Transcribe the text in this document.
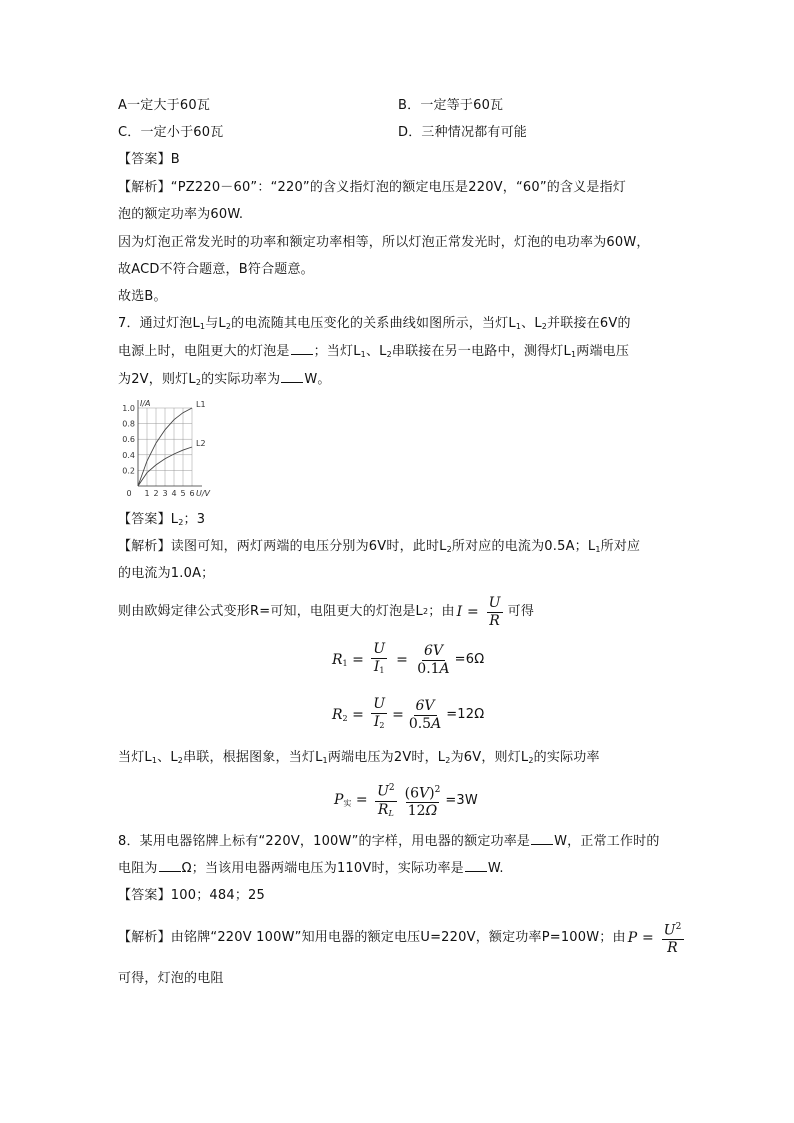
A一定大于60瓦	B．一定等于60瓦
C．一定小于60瓦	D．三种情况都有可能
【答案】B
【解析】“PZ220－60”：“220”的含义指灯泡的额定电压是220V，“60”的含义是指灯
泡的额定功率为60W.
因为灯泡正常发光时的功率和额定功率相等，所以灯泡正常发光时，灯泡的电功率为60W，
故ACD不符合题意，B符合题意。
故选B。
7．通过灯泡$L_1$与$L_2$的电流随其电压变化的关系曲线如图所示，当灯$L_1$、$L_2$并联接在6V的
电源上时，电阻更大的灯泡是 ；当灯$L_1$、$L_2$串联接在另一电路中，测得灯$L_1$两端电压
为2V，则灯$L_2$的实际功率为 W。
0 1 2 3 4 5 6
0.2
0.4
0.6
0.8
1.0
U/V
I/A	L1
L2
【答案】$L_2$；3
【解析】读图可知，两灯两端的电压分别为6V时，此时$L_2$所对应的电流为0.5A；$L_1$所对应
的电流为1.0A；
则由欧姆定律公式变形R=可知，电阻更大的灯泡是L 2 ；由 $I = \frac{U}{R}$ 可得
$R_1 = \frac{U}{I_1} = \frac{6V}{0.1A} =6\Omega$
$R_2 = \frac{U}{I_2} = \frac{6V}{0.5A} =12\Omega$
当灯$L_1$、$L_2$串联，根据图象，当灯$L_1$两端电压为2V时，$L_2$为6V，则灯$L_2$的实际功率
$P_实 = \frac{U^2}{R_L} \frac{(6V)^2}{12\Omega} =3W$
8．某用电器铭牌上标有“220V，100W”的字样，用电器的额定功率是 W，正常工作时的
电阻为 Ω；当该用电器两端电压为110V时，实际功率是 W.
【答案】100；484；25
【解析】由铭牌“220V 100W”知用电器的额定电压U=220V，额定功率P=100W；由 $P = \frac{U^2}{R}$
可得，灯泡的电阻
